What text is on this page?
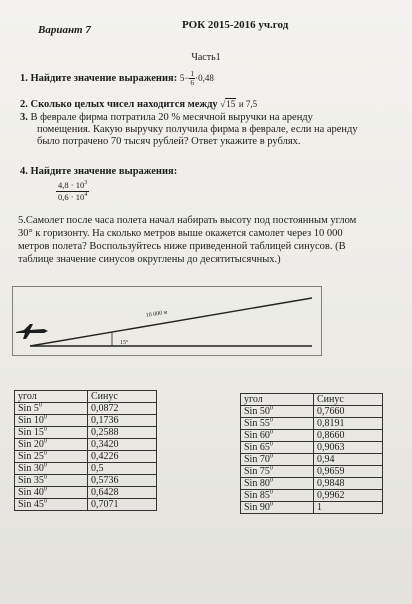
Вариант 7	РОК 2015-2016 уч.год
Часть1
1. Найдите значение выражения: $5- \frac{1}{6} \cdot 0,48$
2. Сколько целых чисел находится между √15 и 7,5
3. В феврале фирма потратила 20 % месячной выручки на аренду
помещения. Какую выручку получила фирма в феврале, если на аренду
было потрачено 70 тысяч рублей? Ответ укажите в рублях.
4. Найдите значение выражения:
$4,8 \cdot 10^3$
$0,6 \cdot 10^4$
5.Самолет после часа полета начал набирать высоту под постоянным углом
30° к горизонту. На сколько метров выше окажется самолет через 10 000
метров полета? Воспользуйтесь ниже приведенной таблицей синусов. (В
таблице значение синусов округлены до десятитысячных.)
10 000 м
15°
угол	Синус
Sin $5^0$	0,0872
Sin $10^0$	0,1736
Sin $15^0$	0,2588
Sin $20^0$	0,3420
Sin $25^0$	0,4226
Sin $30^0$	0,5
Sin $35^0$	0,5736
Sin $40^0$	0,6428
Sin $45^0$	0,7071
угол	Синус
Sin $50^0$	0,7660
Sin $55^0$	0,8191
Sin $60^0$	0,8660
Sin $65^0$	0,9063
Sin $70^0$	0,94
Sin $75^0$	0,9659
Sin $80^0$	0,9848
Sin $85^0$	0,9962
Sin $90^0$	1
